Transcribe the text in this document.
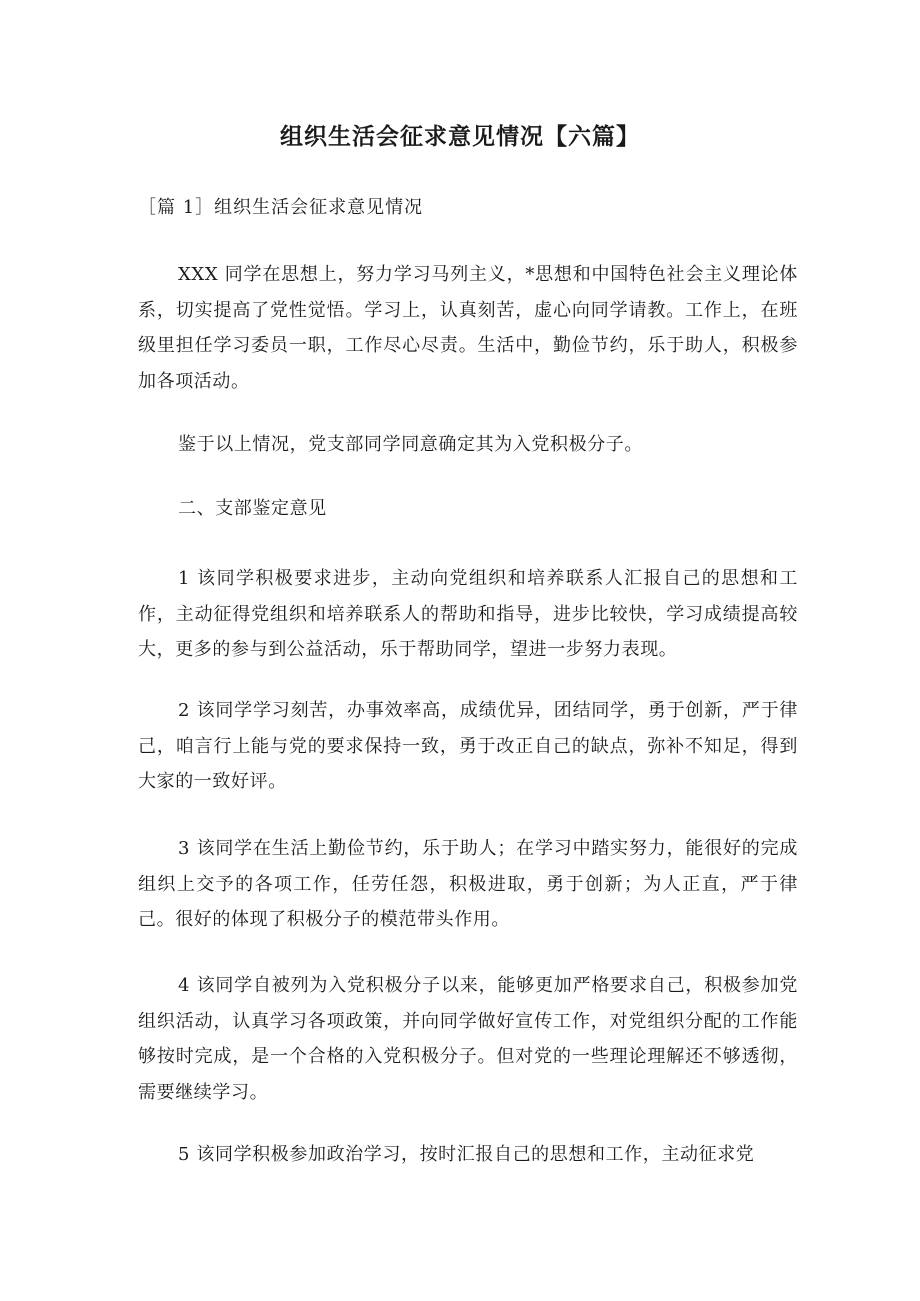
组织生活会征求意见情况【六篇】

［篇 1］组织生活会征求意见情况

XXX 同学在思想上，努力学习马列主义，*思想和中国特色社会主义理论体系，切实提高了党性觉悟。学习上，认真刻苦，虚心向同学请教。工作上，在班级里担任学习委员一职，工作尽心尽责。生活中，勤俭节约，乐于助人，积极参加各项活动。

鉴于以上情况，党支部同学同意确定其为入党积极分子。

二、支部鉴定意见

1 该同学积极要求进步，主动向党组织和培养联系人汇报自己的思想和工作，主动征得党组织和培养联系人的帮助和指导，进步比较快，学习成绩提高较大，更多的参与到公益活动，乐于帮助同学，望进一步努力表现。

2 该同学学习刻苦，办事效率高，成绩优异，团结同学，勇于创新，严于律己，咱言行上能与党的要求保持一致，勇于改正自己的缺点，弥补不知足，得到大家的一致好评。

3 该同学在生活上勤俭节约，乐于助人；在学习中踏实努力，能很好的完成组织上交予的各项工作，任劳任怨，积极进取，勇于创新；为人正直，严于律己。很好的体现了积极分子的模范带头作用。

4 该同学自被列为入党积极分子以来，能够更加严格要求自己，积极参加党组织活动，认真学习各项政策，并向同学做好宣传工作，对党组织分配的工作能够按时完成，是一个合格的入党积极分子。但对党的一些理论理解还不够透彻，需要继续学习。

5 该同学积极参加政治学习，按时汇报自己的思想和工作，主动征求党
